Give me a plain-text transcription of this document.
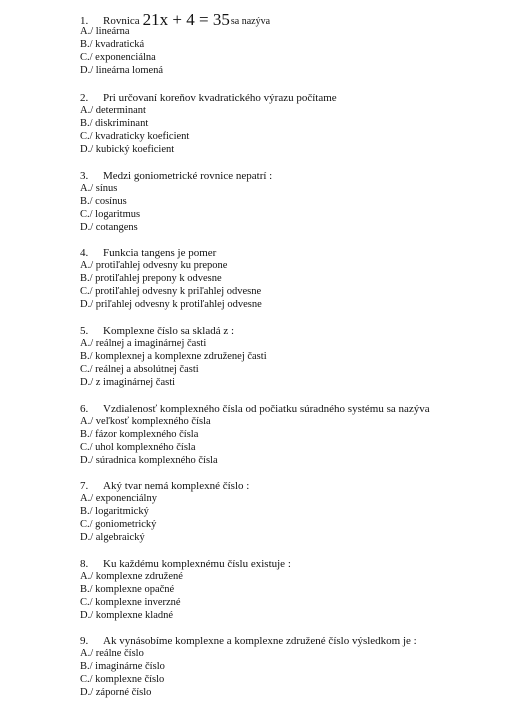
1. Rovnica 21x + 4 = 35sa nazýva
A./ lineárna
B./ kvadratická
C./ exponenciálna
D./ lineárna lomená
2. Pri určovaní koreňov kvadratického výrazu počítame
A./ determinant
B./ diskriminant
C./ kvadraticky koeficient
D./ kubický koeficient
3. Medzi goniometrické rovnice nepatrí :
A./ sínus
B./ cosínus
C./ logaritmus
D./ cotangens
4. Funkcia tangens je pomer
A./ protiľahlej odvesny ku prepone
B./ protiľahlej prepony k odvesne
C./ protiľahlej odvesny k priľahlej odvesne
D./ priľahlej odvesny k protiľahlej odvesne
5. Komplexne číslo sa skladá z :
A./ reálnej a imaginárnej časti
B./ komplexnej a komplexne združenej časti
C./ reálnej a absolútnej časti
D./ z imaginárnej časti
6. Vzdialenosť komplexného čísla od počiatku súradného systému sa nazýva
A./ veľkosť komplexného čísla
B./ fázor komplexného čísla
C./ uhol komplexného čísla
D./ súradnica komplexného čísla
7. Aký tvar nemá komplexné číslo :
A./ exponenciálny
B./ logaritmický
C./ goniometrický
D./ algebraický
8. Ku každému komplexnému číslu existuje :
A./ komplexne združené
B./ komplexne opačné
C./ komplexne inverzné
D./ komplexne kladné
9. Ak vynásobíme komplexne a komplexne združené číslo výsledkom je :
A./ reálne číslo
B./ imaginárne číslo
C./ komplexne číslo
D./ záporné číslo
